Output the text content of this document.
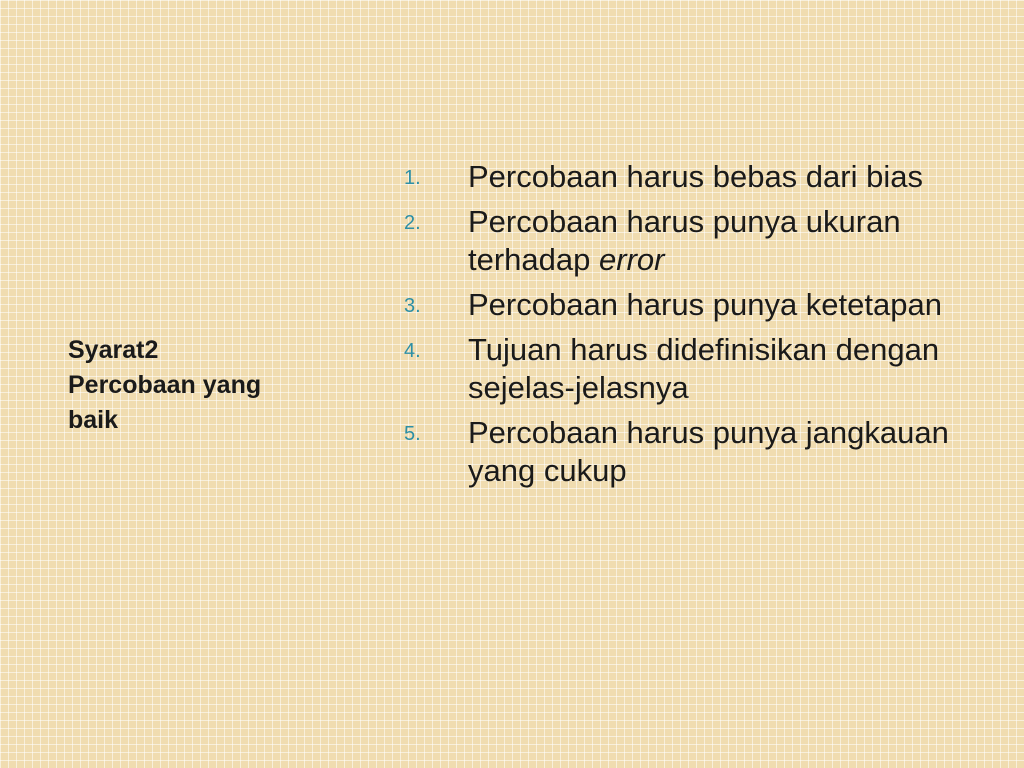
Syarat2
Percobaan yang
baik
1.	Percobaan harus bebas dari bias
2.	Percobaan harus punya ukuran terhadap error
3.	Percobaan harus punya ketetapan
4.	Tujuan harus didefinisikan dengan sejelas-jelasnya
5.	Percobaan harus punya jangkauan yang cukup
